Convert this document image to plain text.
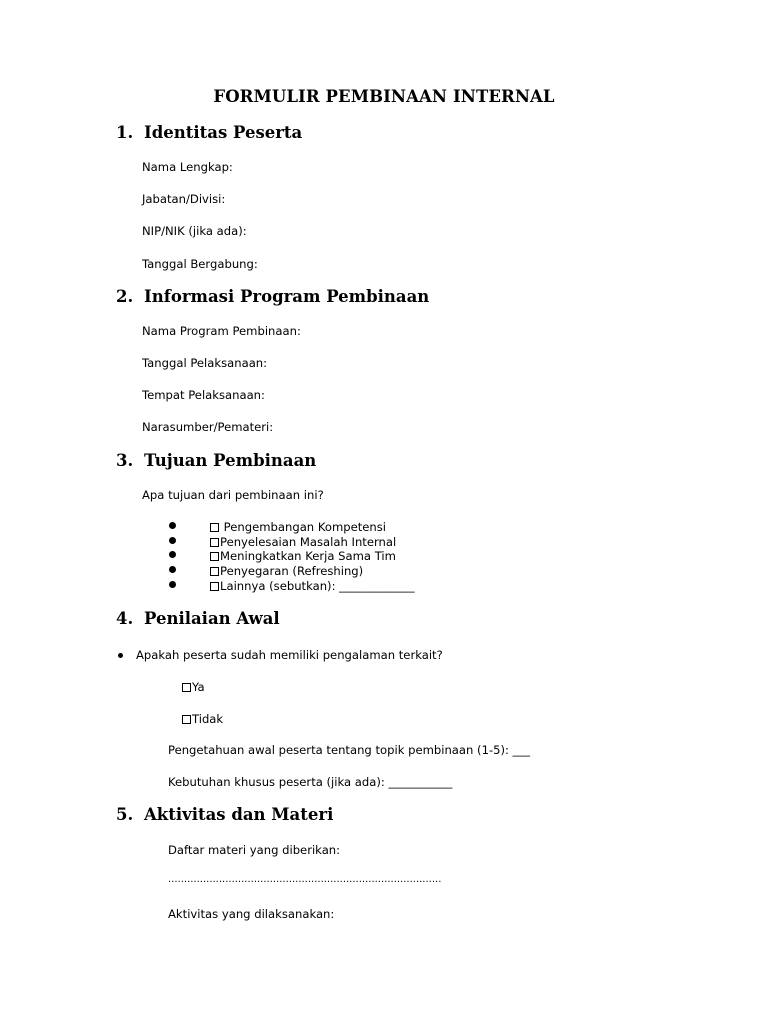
FORMULIR PEMBINAAN INTERNAL
1. Identitas Peserta
Nama Lengkap:
Jabatan/Divisi:
NIP/NIK (jika ada):
Tanggal Bergabung:
2. Informasi Program Pembinaan
Nama Program Pembinaan:
Tanggal Pelaksanaan:
Tempat Pelaksanaan:
Narasumber/Pemateri:
3. Tujuan Pembinaan
Apa tujuan dari pembinaan ini?
Pengembangan Kompetensi
Penyelesaian Masalah Internal
Meningkatkan Kerja Sama Tim
Penyegaran (Refreshing)
Lainnya (sebutkan): _____________
4. Penilaian Awal
Apakah peserta sudah memiliki pengalaman terkait?
Ya
Tidak
Pengetahuan awal peserta tentang topik pembinaan (1-5): ___
Kebutuhan khusus peserta (jika ada): ___________
5. Aktivitas dan Materi
Daftar materi yang diberikan:
......................................................................................
Aktivitas yang dilaksanakan:
